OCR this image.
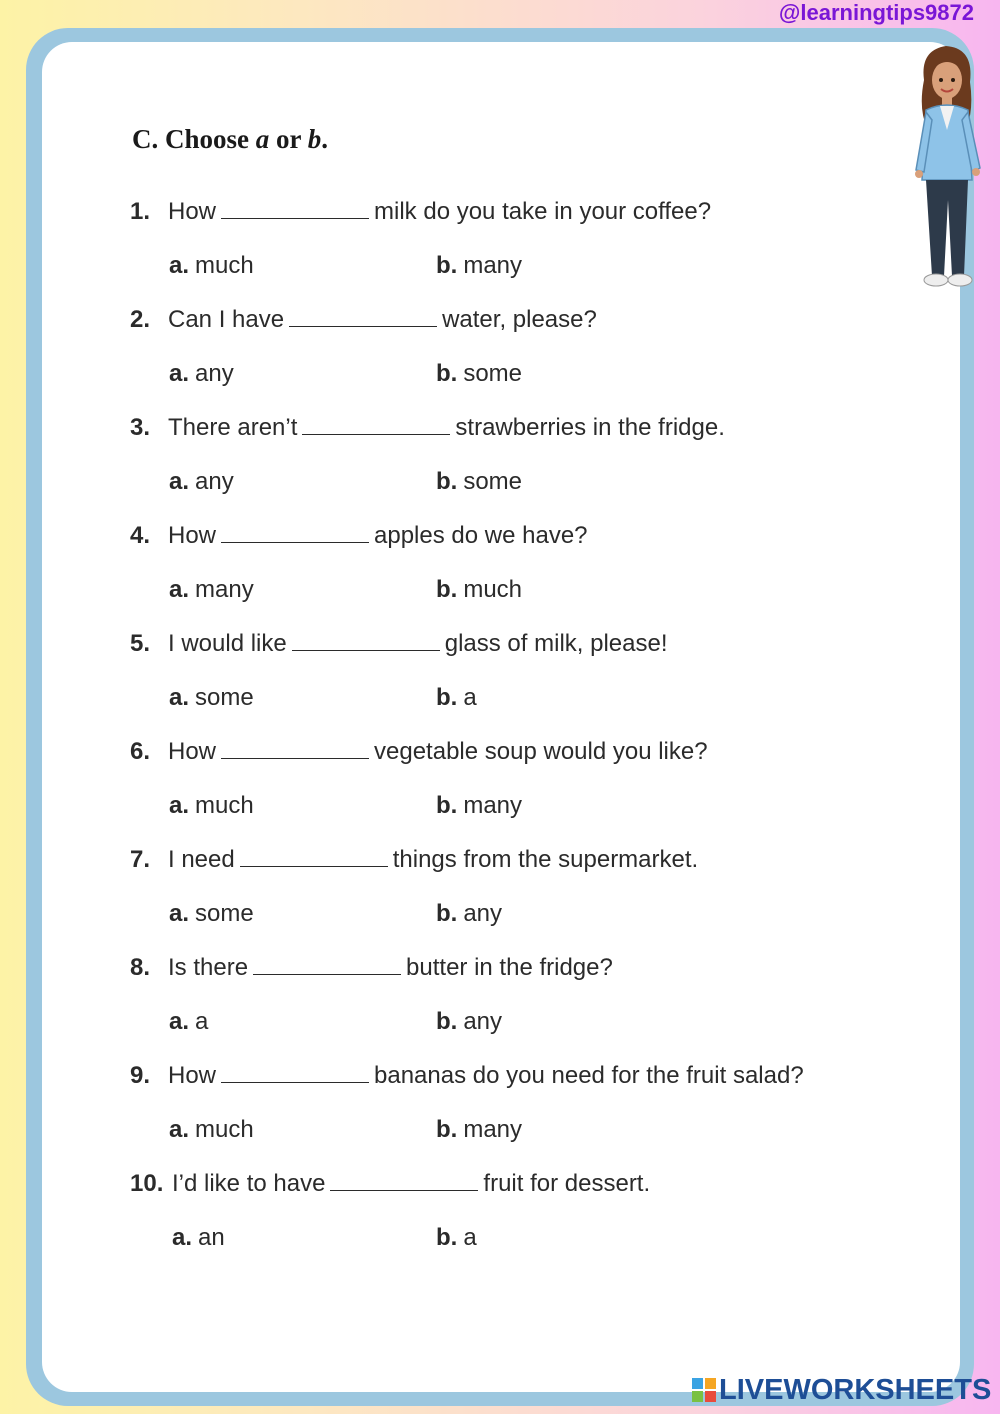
@learningtips9872
C. Choose a or b.
1. How	milk do you take in your coffee?
a. much	b. many
2. Can I have	water, please?
a. any	b. some
3. There aren’t	strawberries in the fridge.
a. any	b. some
4. How	apples do we have?
a. many	b. much
5. I would like	glass of milk, please!
a. some	b. a
6. How	vegetable soup would you like?
a. much	b. many
7. I need	things from the supermarket.
a. some	b. any
8. Is there	butter in the fridge?
a. a	b. any
9. How	bananas do you need for the fruit salad?
a. much	b. many
10. I’d like to have	fruit for dessert.
a. an	b. a
LIVEWORKSHEETS
